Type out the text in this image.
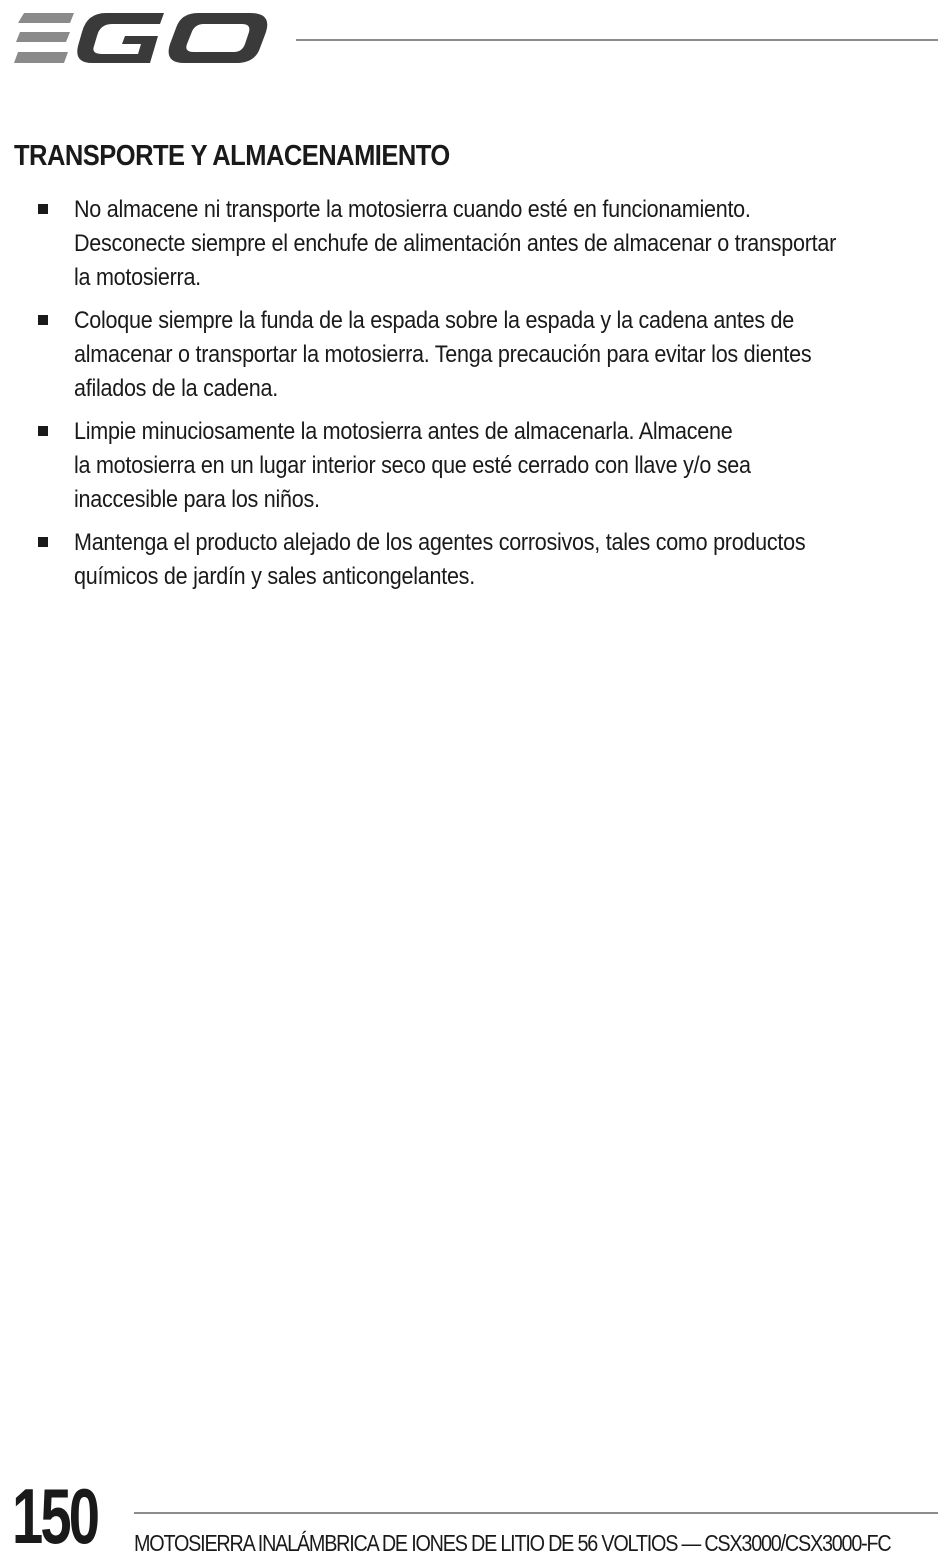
TRANSPORTE Y ALMACENAMIENTO
No almacene ni transporte la motosierra cuando esté en funcionamiento.
Desconecte siempre el enchufe de alimentación antes de almacenar o transportar
la motosierra.
Coloque siempre la funda de la espada sobre la espada y la cadena antes de
almacenar o transportar la motosierra. Tenga precaución para evitar los dientes
afilados de la cadena.
Limpie minuciosamente la motosierra antes de almacenarla. Almacene
la motosierra en un lugar interior seco que esté cerrado con llave y/o sea
inaccesible para los niños.
Mantenga el producto alejado de los agentes corrosivos, tales como productos
químicos de jardín y sales anticongelantes.
150 MOTOSIERRA INALÁMBRICA DE IONES DE LITIO DE 56 VOLTIOS — CSX3000/CSX3000-FC
